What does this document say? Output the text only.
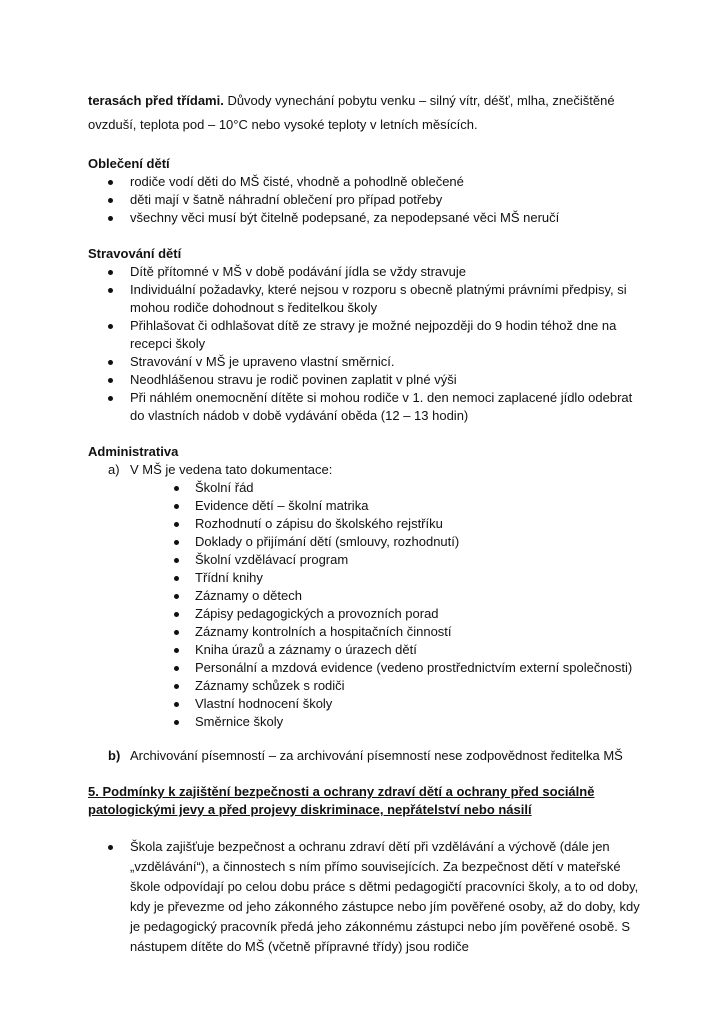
terasách před třídami. Důvody vynechání pobytu venku – silný vítr, déšť, mlha, znečištěné ovzduší, teplota pod – 10°C nebo vysoké teploty v letních měsících.

Oblečení dětí

rodiče vodí děti do MŠ čisté, vhodně a pohodlně oblečené
děti mají v šatně náhradní oblečení pro případ potřeby
všechny věci musí být čitelně podepsané, za nepodepsané věci MŠ neručí

Stravování dětí

Dítě přítomné v MŠ v době podávání jídla se vždy stravuje
Individuální požadavky, které nejsou v rozporu s obecně platnými právními předpisy, si mohou rodiče dohodnout s ředitelkou školy
Přihlašovat či odhlašovat dítě ze stravy je možné nejpozději do 9 hodin téhož dne na recepci školy
Stravování v MŠ je upraveno vlastní směrnicí.
Neodhlášenou stravu je rodič povinen zaplatit v plné výši
Při náhlém onemocnění dítěte si mohou rodiče v 1. den nemoci zaplacené jídlo odebrat do vlastních nádob v době vydávání oběda (12 – 13 hodin)

Administrativa

a) V MŠ je vedena tato dokumentace:
Školní řád
Evidence dětí – školní matrika
Rozhodnutí o zápisu do školského rejstříku
Doklady o přijímání dětí (smlouvy, rozhodnutí)
Školní vzdělávací program
Třídní knihy
Záznamy o dětech
Zápisy pedagogických a provozních porad
Záznamy kontrolních a hospitačních činností
Kniha úrazů a záznamy o úrazech dětí
Personální a mzdová evidence (vedeno prostřednictvím externí společnosti)
Záznamy schůzek s rodiči
Vlastní hodnocení školy
Směrnice školy
b) Archivování písemností – za archivování písemností nese zodpovědnost ředitelka MŠ

5. Podmínky k zajištění bezpečnosti a ochrany zdraví dětí a ochrany před sociálně patologickými jevy a před projevy diskriminace, nepřátelství nebo násilí

Škola zajišťuje bezpečnost a ochranu zdraví dětí při vzdělávání a výchově (dále jen „vzdělávání“), a činnostech s ním přímo souvisejících. Za bezpečnost dětí v mateřské škole odpovídají po celou dobu práce s dětmi pedagogičtí pracovníci školy, a to od doby, kdy je převezme od jeho zákonného zástupce nebo jím pověřené osoby, až do doby, kdy je pedagogický pracovník předá jeho zákonnému zástupci nebo jím pověřené osobě. S nástupem dítěte do MŠ (včetně přípravné třídy) jsou rodiče
